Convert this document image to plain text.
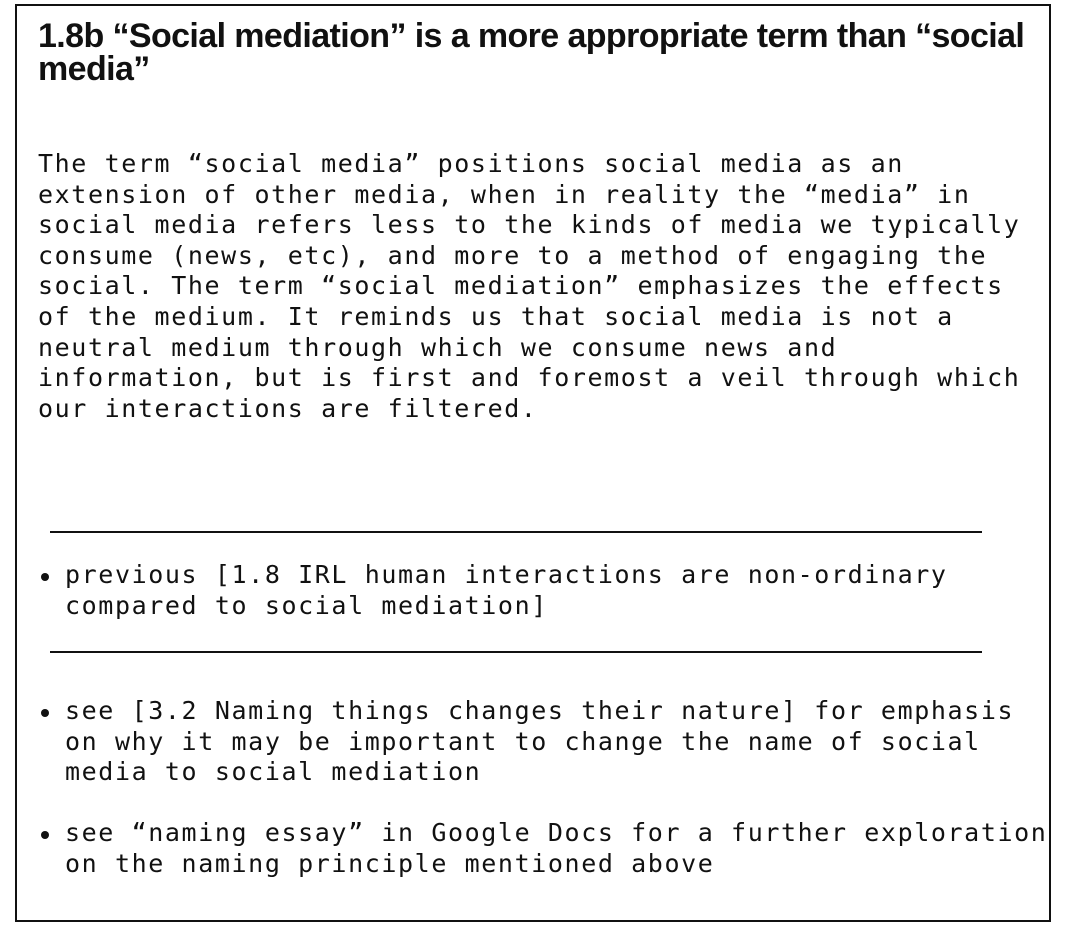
1.8b “Social mediation” is a more appropriate term than “social media”
The term “social media” positions social media as an
extension of other media, when in reality the “media” in
social media refers less to the kinds of media we typically
consume (news, etc), and more to a method of engaging the
social. The term “social mediation” emphasizes the effects
of the medium. It reminds us that social media is not a
neutral medium through which we consume news and
information, but is first and foremost a veil through which
our interactions are filtered.
previous [1.8 IRL human interactions are non-ordinary
compared to social mediation]
see [3.2 Naming things changes their nature] for emphasis
on why it may be important to change the name of social
media to social mediation
see “naming essay” in Google Docs for a further exploration
on the naming principle mentioned above
